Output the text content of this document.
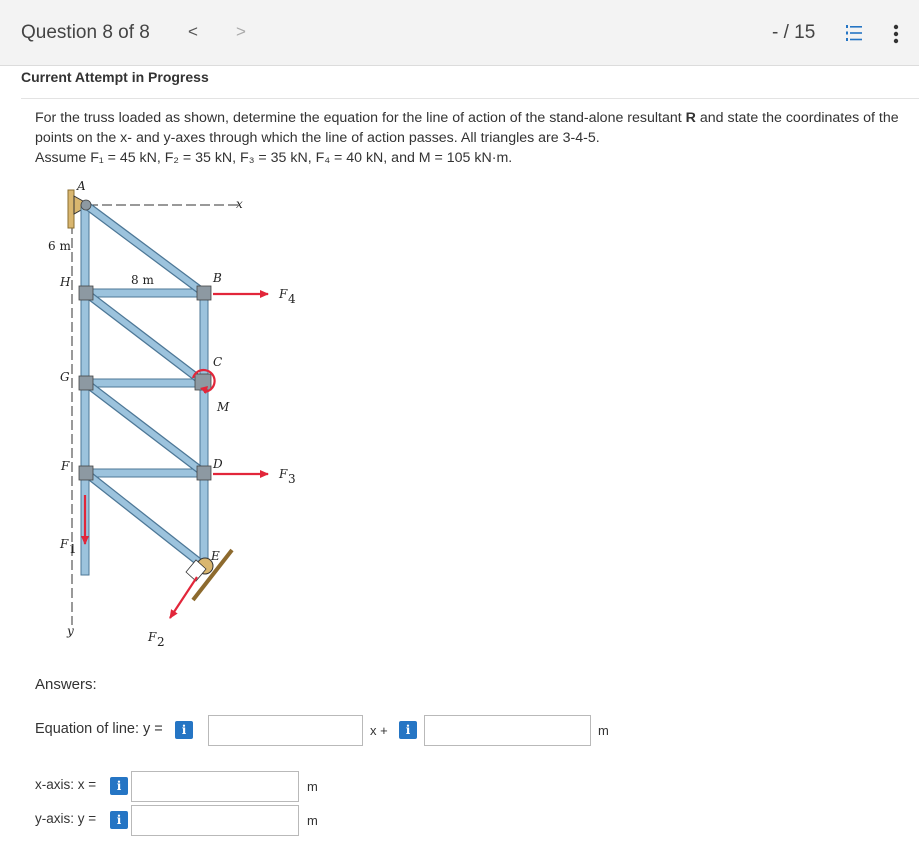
Question 8 of 8 < >	- / 15
Current Attempt in Progress

For the truss loaded as shown, determine the equation for the line of action of the stand-alone resultant R and state the coordinates of the points on the x- and y-axes through which the line of action passes. All triangles are 3-4-5.

Assume F₁ = 45 kN, F₂ = 35 kN, F₃ = 35 kN, F₄ = 40 kN, and M = 105 kN·m.

A
B
C
D
E
H
G
F
x
y
6 m
8 m
M
F 4
F 3
F 1
F 2
Answers:
Equation of line: y =	i	x +	i	m
x-axis: x =	i	m
y-axis: y =	i	m
